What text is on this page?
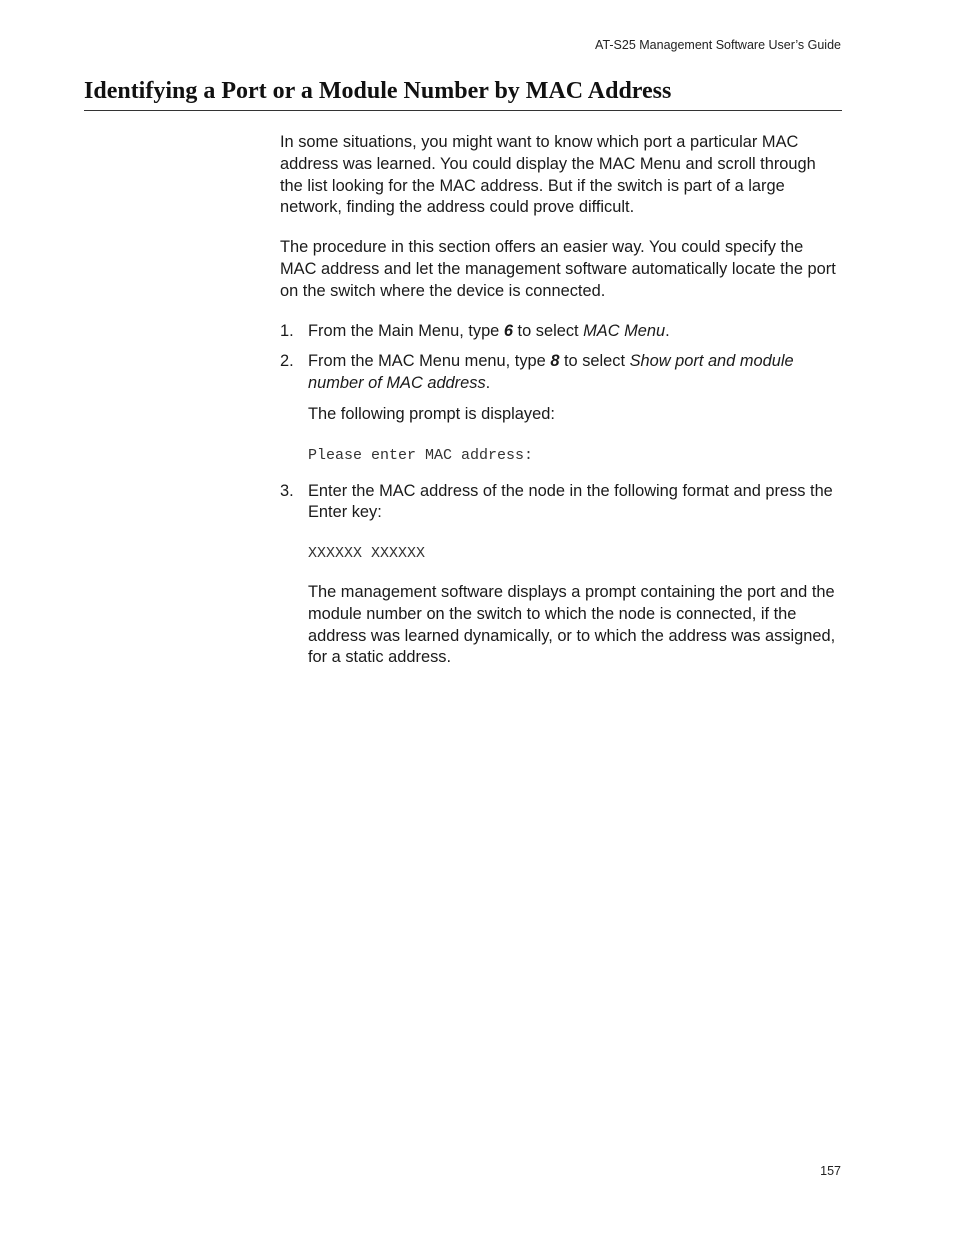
AT-S25 Management Software User’s Guide
Identifying a Port or a Module Number by MAC Address

In some situations, you might want to know which port a particular MAC address was learned. You could display the MAC Menu and scroll through the list looking for the MAC address. But if the switch is part of a large network, finding the address could prove difficult.

The procedure in this section offers an easier way. You could specify the MAC address and let the management software automatically locate the port on the switch where the device is connected.

1. From the Main Menu, type 6 to select MAC Menu.
2. From the MAC Menu menu, type 8 to select Show port and module number of MAC address.
The following prompt is displayed:
Please enter MAC address:
3. Enter the MAC address of the node in the following format and press the Enter key:
XXXXXX XXXXXX
The management software displays a prompt containing the port and the module number on the switch to which the node is connected, if the address was learned dynamically, or to which the address was assigned, for a static address.
157
